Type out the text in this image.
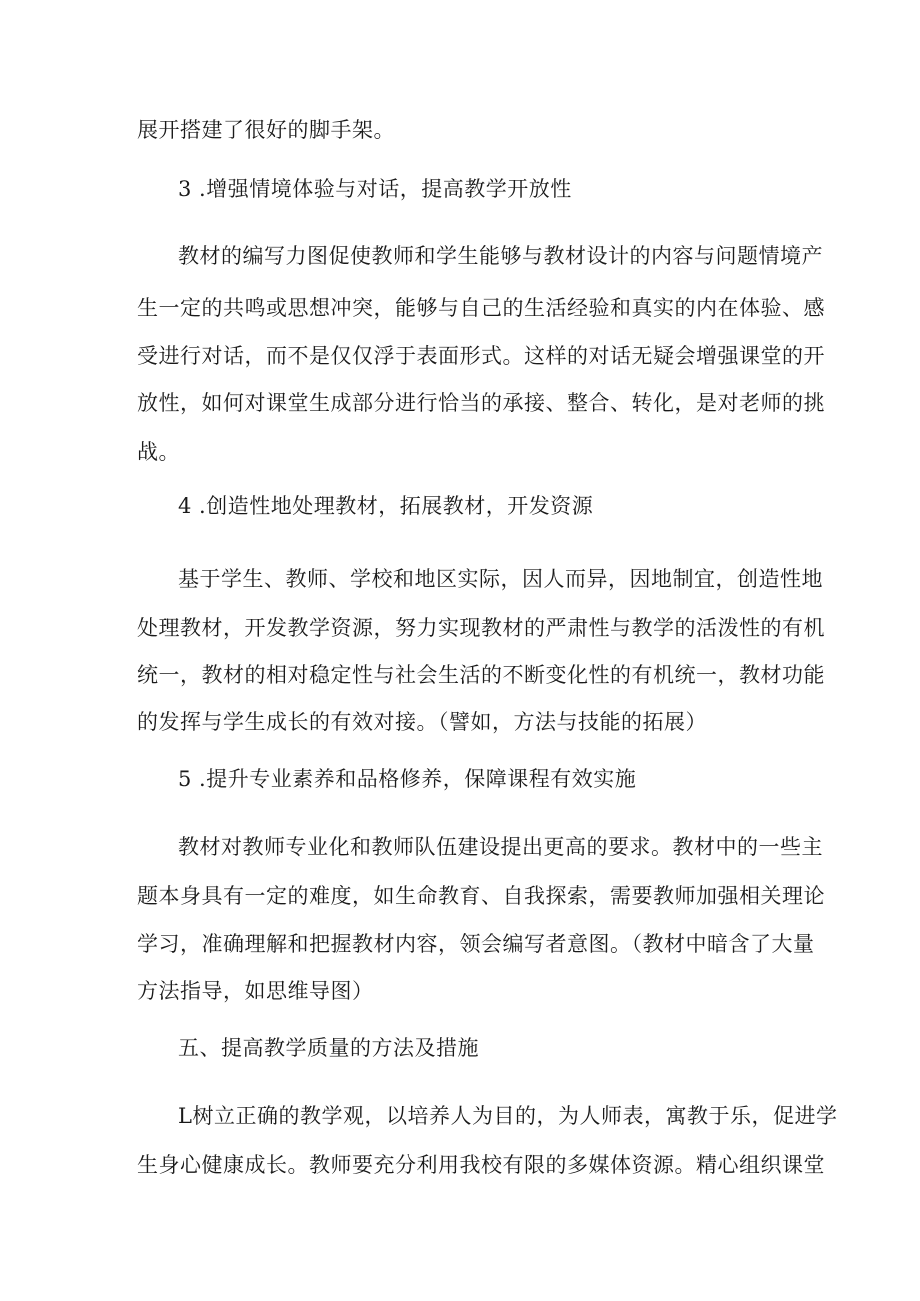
展开搭建了很好的脚手架。
3 .增强情境体验与对话，提高教学开放性
教材的编写力图促使教师和学生能够与教材设计的内容与问题情境产
生一定的共鸣或思想冲突，能够与自己的生活经验和真实的内在体验、感
受进行对话，而不是仅仅浮于表面形式。这样的对话无疑会增强课堂的开
放性，如何对课堂生成部分进行恰当的承接、整合、转化，是对老师的挑
战。
4 .创造性地处理教材，拓展教材，开发资源
基于学生、教师、学校和地区实际，因人而异，因地制宜，创造性地
处理教材，开发教学资源，努力实现教材的严肃性与教学的活泼性的有机
统一，教材的相对稳定性与社会生活的不断变化性的有机统一，教材功能
的发挥与学生成长的有效对接。（譬如，方法与技能的拓展）
5 .提升专业素养和品格修养，保障课程有效实施
教材对教师专业化和教师队伍建设提出更高的要求。教材中的一些主
题本身具有一定的难度，如生命教育、自我探索，需要教师加强相关理论
学习，准确理解和把握教材内容，领会编写者意图。（教材中暗含了大量
方法指导，如思维导图）
五、提高教学质量的方法及措施
L树立正确的教学观，以培养人为目的，为人师表，寓教于乐，促进学
生身心健康成长。教师要充分利用我校有限的多媒体资源。精心组织课堂
